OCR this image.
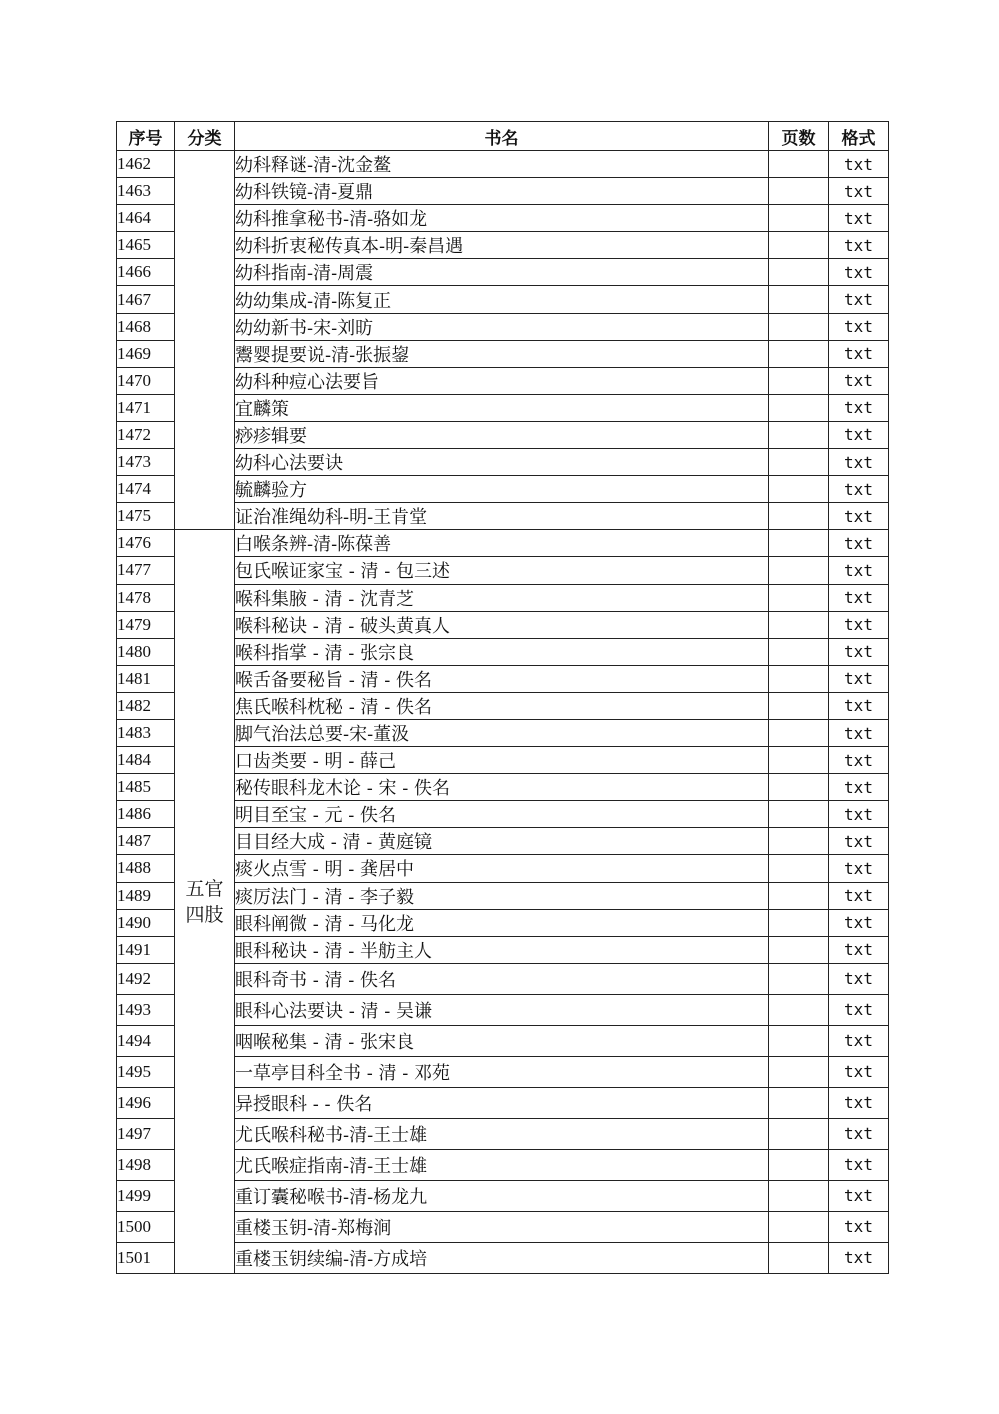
序号	分类	书名	页数	格式
1462		幼科释谜-清-沈金鳌		txt
1463		幼科铁镜-清-夏鼎		txt
1464		幼科推拿秘书-清-骆如龙		txt
1465		幼科折衷秘传真本-明-秦昌遇		txt
1466		幼科指南-清-周震		txt
1467		幼幼集成-清-陈复正		txt
1468		幼幼新书-宋-刘昉		txt
1469		鬻婴提要说-清-张振鋆		txt
1470		幼科种痘心法要旨		txt
1471		宜麟策		txt
1472		痧疹辑要		txt
1473		幼科心法要诀		txt
1474		毓麟验方		txt
1475		证治准绳幼科-明-王肯堂		txt
1476	五官四肢	白喉条辨-清-陈葆善		txt
1477		包氏喉证家宝 - 清 - 包三述		txt
1478		喉科集腋 - 清 - 沈青芝		txt
1479		喉科秘诀 - 清 - 破头黄真人		txt
1480		喉科指掌 - 清 - 张宗良		txt
1481		喉舌备要秘旨 - 清 - 佚名		txt
1482		焦氏喉科枕秘 - 清 - 佚名		txt
1483		脚气治法总要-宋-董汲		txt
1484		口齿类要 - 明 - 薛己		txt
1485		秘传眼科龙木论 - 宋 - 佚名		txt
1486		明目至宝 - 元 - 佚名		txt
1487		目目经大成 - 清 - 黄庭镜		txt
1488		痰火点雪 - 明 - 龚居中		txt
1489		痰厉法门 - 清 - 李子毅		txt
1490		眼科阐微 - 清 - 马化龙		txt
1491		眼科秘诀 - 清 - 半舫主人		txt
1492		眼科奇书 - 清 - 佚名		txt
1493		眼科心法要诀 - 清 - 吴谦		txt
1494		咽喉秘集 - 清 - 张宋良		txt
1495		一草亭目科全书 - 清 - 邓苑		txt
1496		异授眼科 - - 佚名		txt
1497		尤氏喉科秘书-清-王士雄		txt
1498		尤氏喉症指南-清-王士雄		txt
1499		重订囊秘喉书-清-杨龙九		txt
1500		重楼玉钥-清-郑梅涧		txt
1501		重楼玉钥续编-清-方成培		txt
